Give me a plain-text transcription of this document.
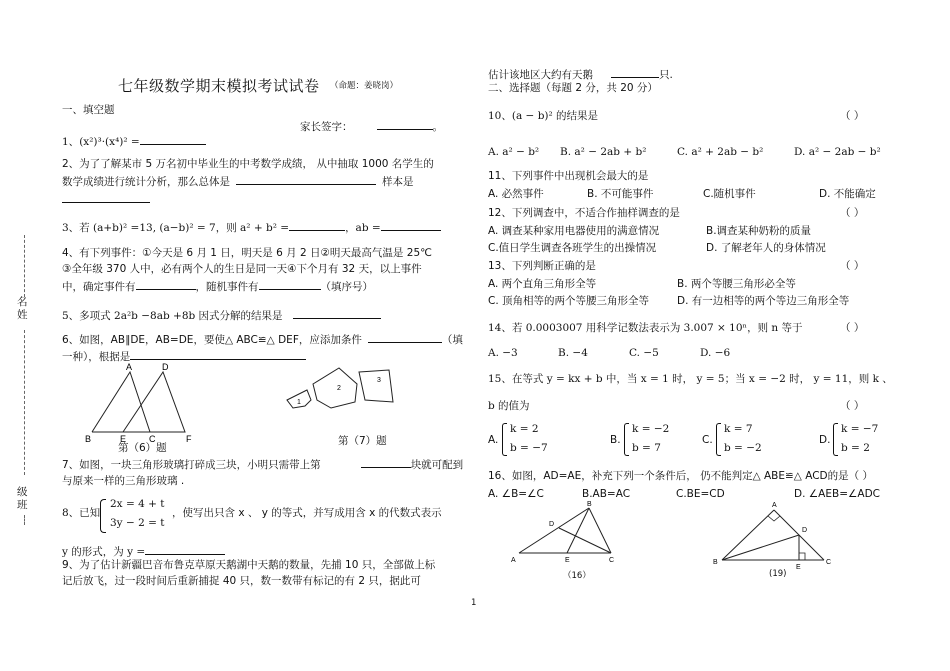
名
姓
级
班
七年级数学期末模拟考试试卷 （命题：姜晓岗）
一、填空题
家长签字：	。
1、(x²)³·(x⁴)² =
2、为了了解某市 5 万名初中毕业生的中考数学成绩， 从中抽取 1000 名学生的
数学成绩进行统计分析，那么总体是	样本是
3、若 (a+b)² =13, (a−b)² = 7，则 a² + b² =	，ab =
4、有下列事件：①今天是 6 月 1 日，明天是 6 月 2 日②明天最高气温是 25℃
③全年级 370 人中，必有两个人的生日是同一天④下个月有 32 天，以上事件
中，确定事件有	，随机事件有	（填序号）
5、多项式 2a²b −8ab +8b 因式分解的结果是
6、如图，AB∥DE，AB=DE，要使△ ABC≌△ DEF，应添加条件	（填
一种），根据是
A	D
B	E	C	F
第（6）题
1
2
3
第（7）题
7、如图，一块三角形玻璃打碎成三块，小明只需带上第	块就可配到
与原来一样的三角形玻璃 .
8、已知
2x = 4 + t
3y − 2 = t
，使写出只含 x 、 y 的等式，并写成用含 x 的代数式表示
y 的形式，为 y =
9、为了估计新疆巴音布鲁克草原天鹅湖中天鹅的数量，先捕 10 只，全部做上标
记后放飞，过一段时间后重新捕捉 40 只，数一数带有标记的有 2 只，据此可
估计该地区大约有天鹅	只.
二、选择题（每题 2 分，共 20 分）
10、(a − b)² 的结果是	（ ）
A. a² − b² B. a² − 2ab + b²	C. a² + 2ab − b²	D. a² − 2ab − b²
11、下列事件中出现机会最大的是
A. 必然事件	B. 不可能事件	C.随机事件	D. 不能确定
12、下列调查中，不适合作抽样调查的是	（ ）
A. 调查某种家用电器使用的满意情况	B.调查某种奶粉的质量
C.值日学生调查各班学生的出操情况	D. 了解老年人的身体情况
13、下列判断正确的是	（ ）
A. 两个直角三角形全等	B. 两个等腰三角形必全等
C. 顶角相等的两个等腰三角形全等	D. 有一边相等的两个等边三角形全等
14、若 0.0003007 用科学记数法表示为 3.007 × 10ⁿ，则 n 等于	（ ）
A. −3	B. −4	C. −5	D. −6
15、在等式 y = kx + b 中，当 x = 1 时， y = 5；当 x = −2 时， y = 11，则 k 、
b 的值为	（ ）
A.
k = 2
b = −7
B.
k = −2
b = 7
C.
k = 7
b = −2
D.
k = −7
b = 2
16、如图，AD=AE，补充下列一个条件后， 仍不能判定△ ABE≌△ ACD的是（ ）
A. ∠B=∠C	B.AB=AC	C.BE=CD	D. ∠AEB=∠ADC
B
D
A	E	C
（16）
A
D
B
E
C
(19)
1
